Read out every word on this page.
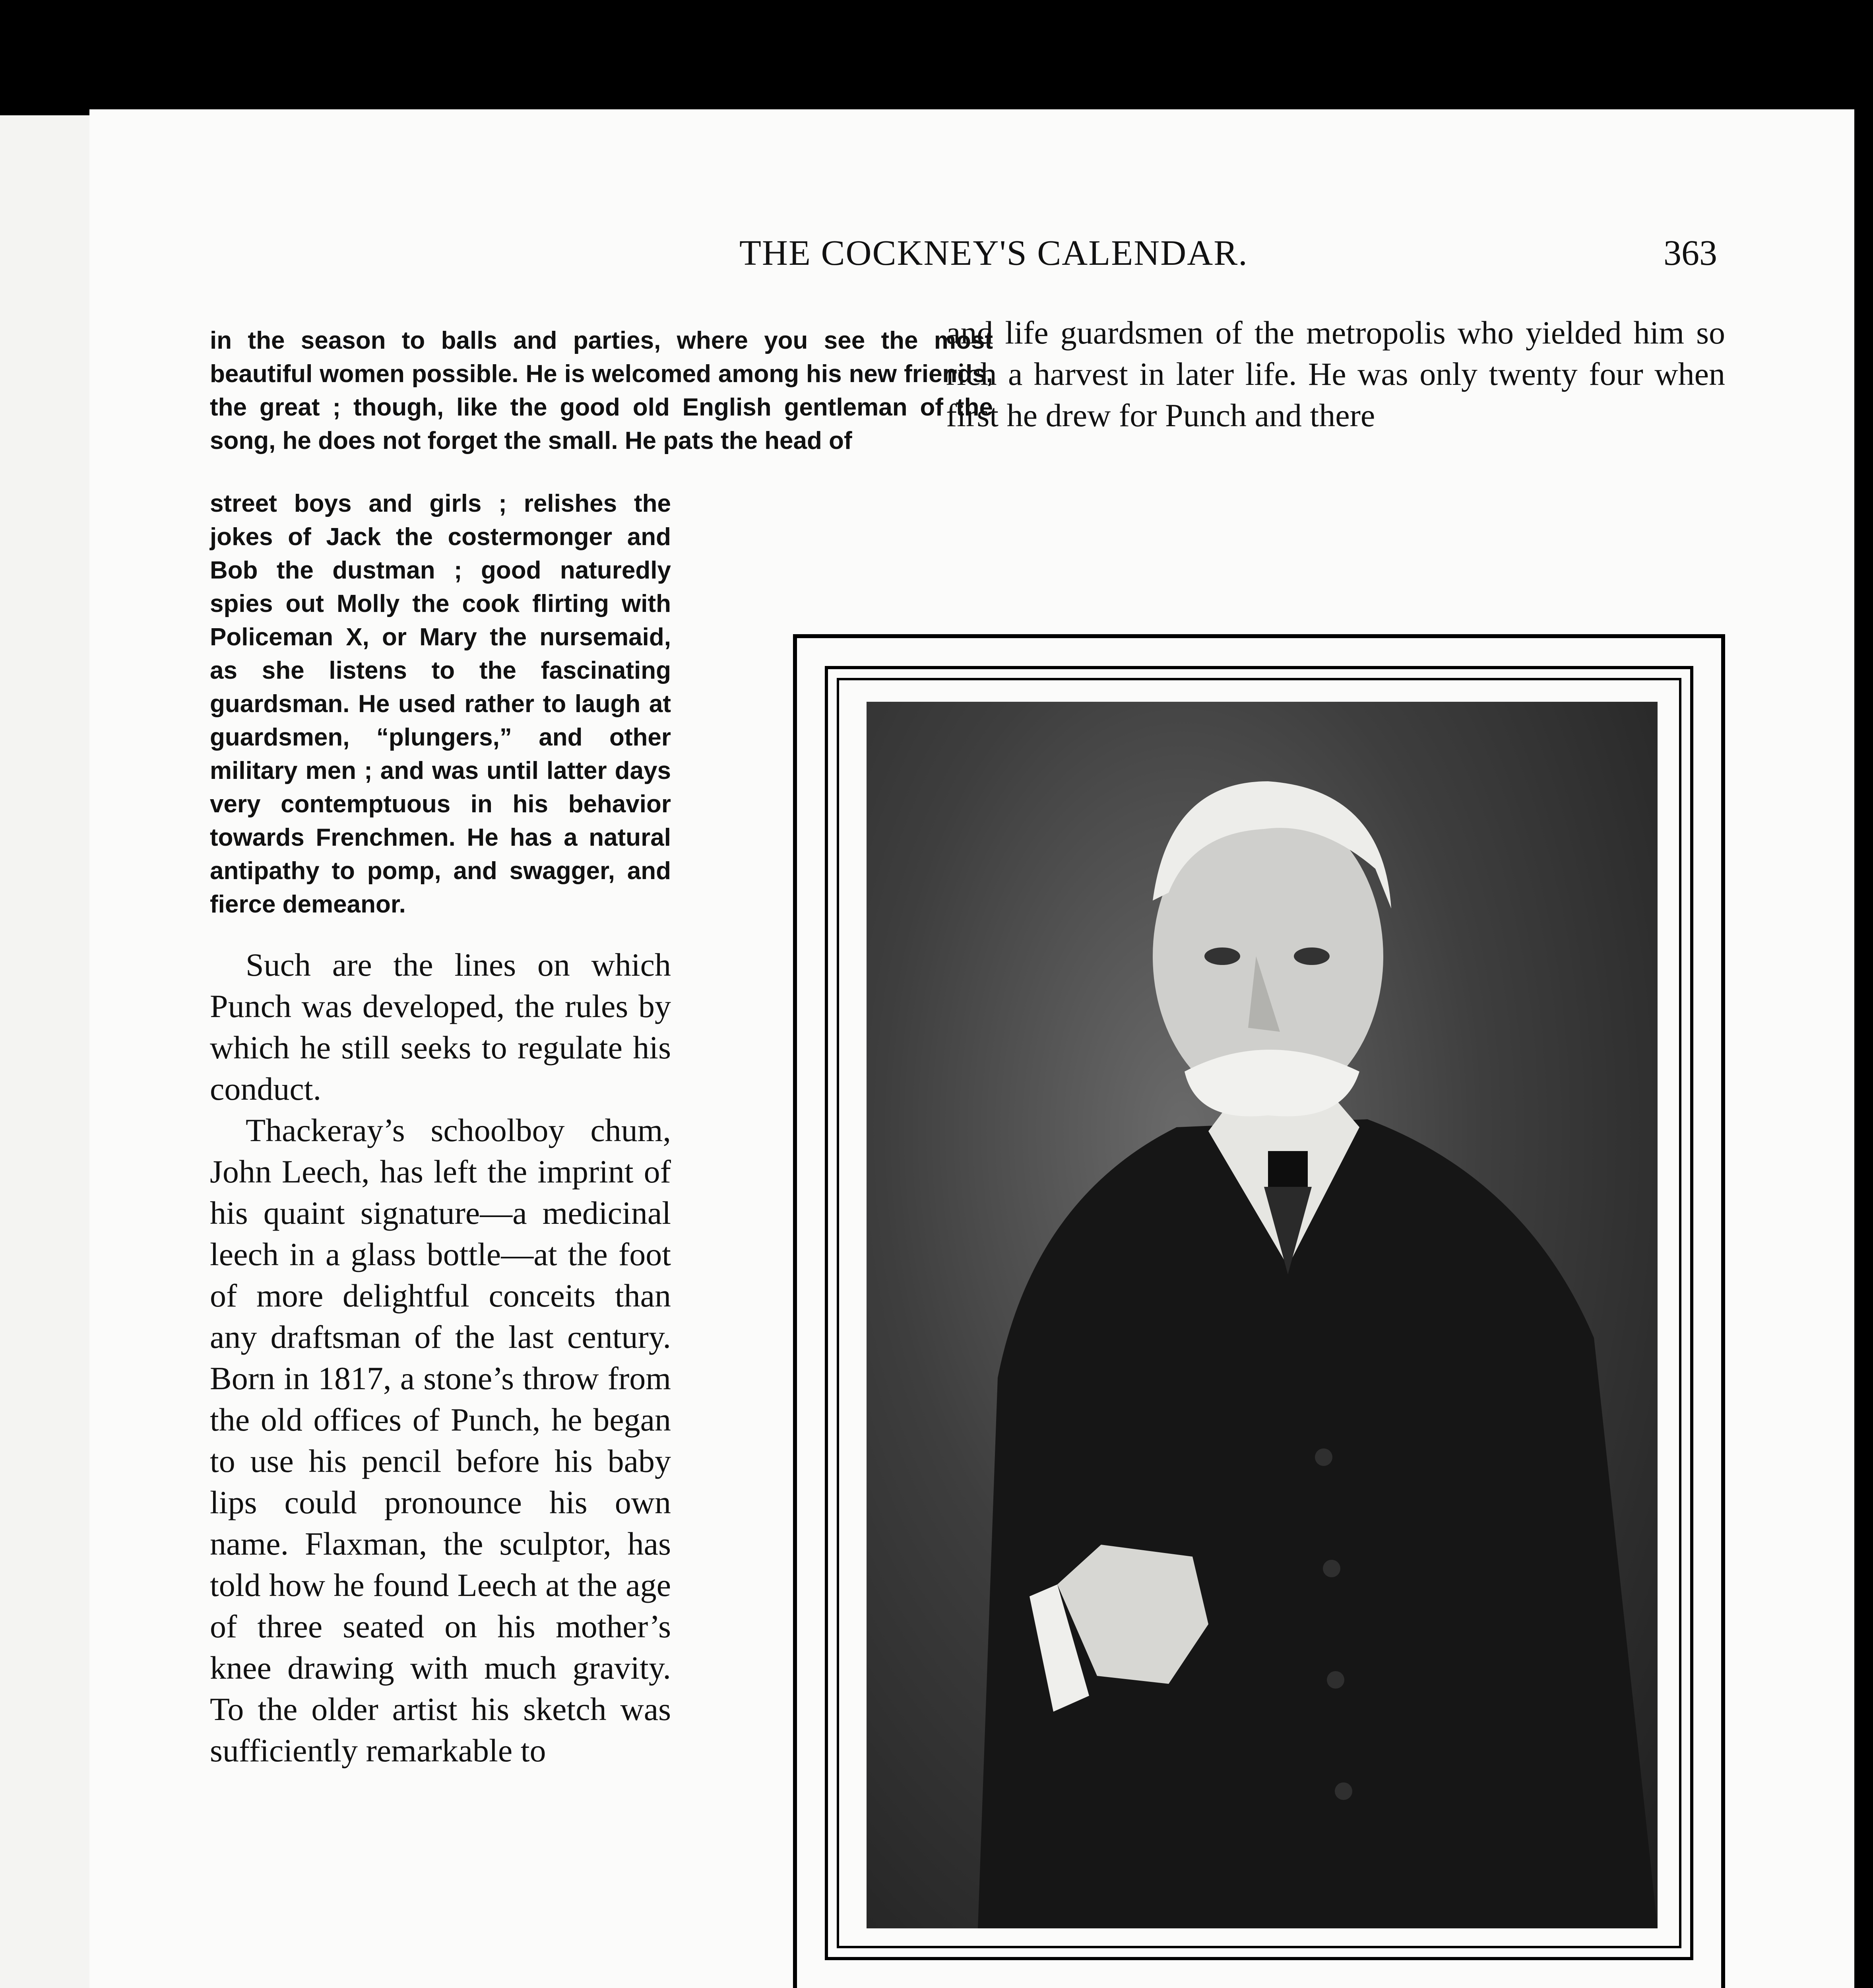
THE COCKNEY'S CALENDAR.	363

in the season to balls and parties, where you see the most beautiful women possible. He is welcomed among his new friends, the great ; though, like the good old English gentleman of the song, he does not forget the small. He pats the head of

street boys and girls ; relishes the jokes of Jack the costermonger and Bob the dustman ; good naturedly spies out Molly the cook flirting with Policeman X, or Mary the nursemaid, as she listens to the fascinating guardsman. He used rather to laugh at guardsmen, “plungers,” and other military men ; and was until latter days very contemptuous in his behavior towards Frenchmen. He has a natural antipathy to pomp, and swagger, and fierce demeanor.

Such are the lines on which Punch was developed, the rules by which he still seeks to regulate his conduct.

Thackeray’s schoolboy chum, John Leech, has left the imprint of his quaint signature—a medicinal leech in a glass bottle—at the foot of more delightful conceits than any draftsman of the last century. Born in 1817, a stone’s throw from the old offices of Punch, he began to use his pencil before his baby lips could pronounce his own name. Flaxman, the sculptor, has told how he found Leech at the age of three seated on his mother’s knee drawing with much gravity. To the older artist his sketch was sufficiently remarkable to

and life guardsmen of the metropolis who yielded him so rich a harvest in later life. He was only twenty four when first he drew for Punch and there
